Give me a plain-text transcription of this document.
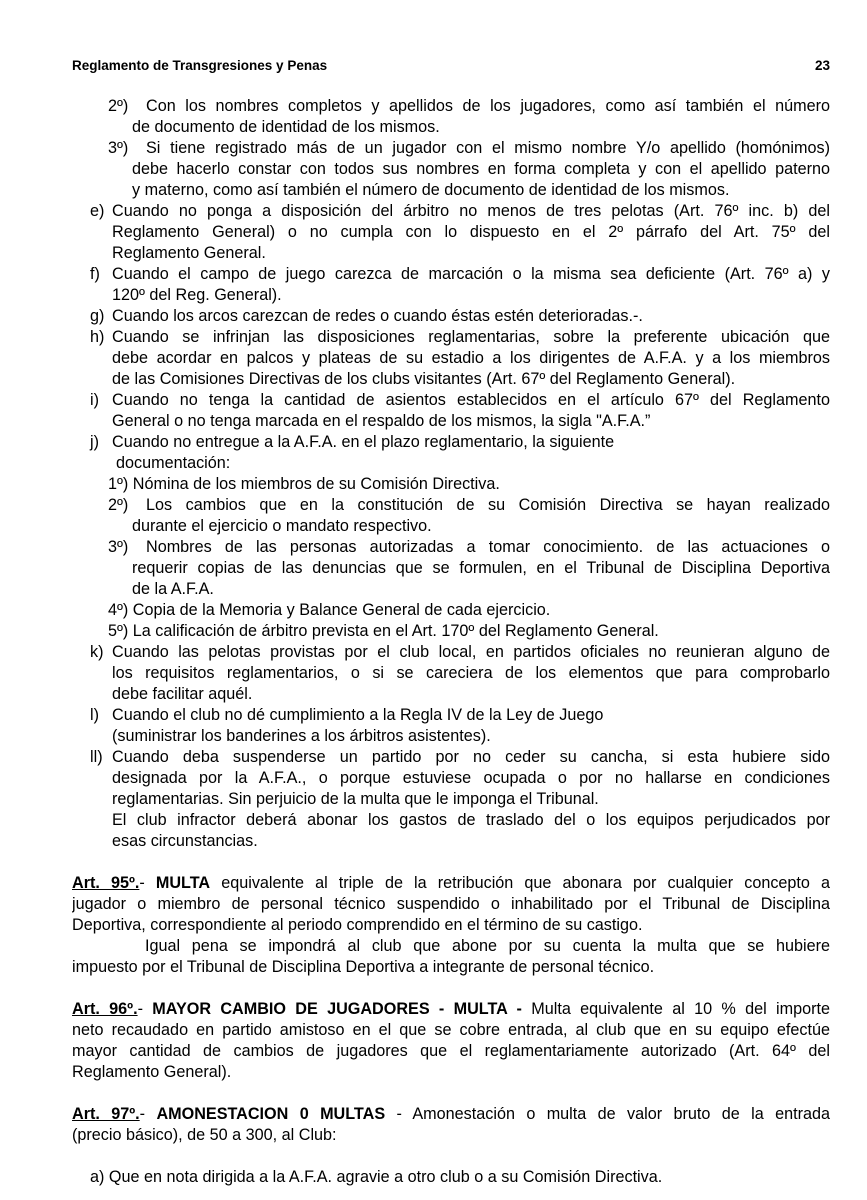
Reglamento de Transgresiones y Penas	23
2º) Con los nombres completos y apellidos de los jugadores, como así también el número
de documento de identidad de los mismos.
3º) Si tiene registrado más de un jugador con el mismo nombre Y/o apellido (homónimos)
debe hacerlo constar con todos sus nombres en forma completa y con el apellido paterno
y materno, como así también el número de documento de identidad de los mismos.
e) Cuando no ponga a disposición del árbitro no menos de tres pelotas (Art. 76º inc. b) del
Reglamento General) o no cumpla con lo dispuesto en el 2º párrafo del Art. 75º del
Reglamento General.
f) Cuando el campo de juego carezca de marcación o la misma sea deficiente (Art. 76º a) y
120º del Reg. General).
g) Cuando los arcos carezcan de redes o cuando éstas estén deterioradas.-.
h) Cuando se infrinjan las disposiciones reglamentarias, sobre la preferente ubicación que
debe acordar en palcos y plateas de su estadio a los dirigentes de A.F.A. y a los miembros
de las Comisiones Directivas de los clubs visitantes (Art. 67º del Reglamento General).
i) Cuando no tenga la cantidad de asientos establecidos en el artículo 67º del Reglamento
General o no tenga marcada en el respaldo de los mismos, la sigla "A.F.A.”
j) Cuando no entregue a la A.F.A. en el plazo reglamentario, la siguiente
documentación:
1º) Nómina de los miembros de su Comisión Directiva.
2º) Los cambios que en la constitución de su Comisión Directiva se hayan realizado
durante el ejercicio o mandato respectivo.
3º) Nombres de las personas autorizadas a tomar conocimiento. de las actuaciones o
requerir copias de las denuncias que se formulen, en el Tribunal de Disciplina Deportiva
de la A.F.A.
4º) Copia de la Memoria y Balance General de cada ejercicio.
5º) La calificación de árbitro prevista en el Art. 170º del Reglamento General.
k) Cuando las pelotas provistas por el club local, en partidos oficiales no reunieran alguno de
los requisitos reglamentarios, o si se careciera de los elementos que para comprobarlo
debe facilitar aquél.
l) Cuando el club no dé cumplimiento a la Regla IV de la Ley de Juego
(suministrar los banderines a los árbitros asistentes).
ll) Cuando deba suspenderse un partido por no ceder su cancha, si esta hubiere sido
designada por la A.F.A., o porque estuviese ocupada o por no hallarse en condiciones
reglamentarias. Sin perjuicio de la multa que le imponga el Tribunal.
El club infractor deberá abonar los gastos de traslado del o los equipos perjudicados por
esas circunstancias.
Art. 95º.- MULTA equivalente al triple de la retribución que abonara por cualquier concepto a
jugador o miembro de personal técnico suspendido o inhabilitado por el Tribunal de Disciplina
Deportiva, correspondiente al periodo comprendido en el término de su castigo.
Igual pena se impondrá al club que abone por su cuenta la multa que se hubiere
impuesto por el Tribunal de Disciplina Deportiva a integrante de personal técnico.
Art. 96º.- MAYOR CAMBIO DE JUGADORES - MULTA - Multa equivalente al 10 % del importe
neto recaudado en partido amistoso en el que se cobre entrada, al club que en su equipo efectúe
mayor cantidad de cambios de jugadores que el reglamentariamente autorizado (Art. 64º del
Reglamento General).
Art. 97º.- AMONESTACION 0 MULTAS - Amonestación o multa de valor bruto de la entrada
(precio básico), de 50 a 300, al Club:
a) Que en nota dirigida a la A.F.A. agravie a otro club o a su Comisión Directiva.
